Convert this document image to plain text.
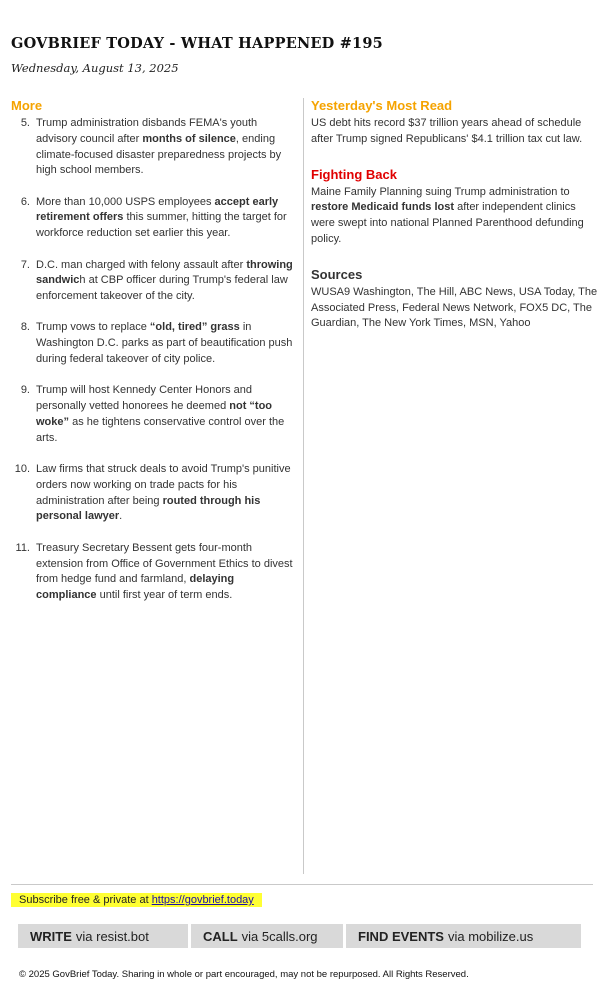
GOVBRIEF TODAY - WHAT HAPPENED #195
Wednesday, August 13, 2025
More
5. Trump administration disbands FEMA's youth advisory council after months of silence, ending climate-focused disaster preparedness projects by high school members.
6. More than 10,000 USPS employees accept early retirement offers this summer, hitting the target for workforce reduction set earlier this year.
7. D.C. man charged with felony assault after throwing sandwich at CBP officer during Trump's federal law enforcement takeover of the city.
8. Trump vows to replace “old, tired” grass in Washington D.C. parks as part of beautification push during federal takeover of city police.
9. Trump will host Kennedy Center Honors and personally vetted honorees he deemed not “too woke” as he tightens conservative control over the arts.
10. Law firms that struck deals to avoid Trump's punitive orders now working on trade pacts for his administration after being routed through his personal lawyer.
11. Treasury Secretary Bessent gets four-month extension from Office of Government Ethics to divest from hedge fund and farmland, delaying compliance until first year of term ends.
Yesterday's Most Read

US debt hits record $37 trillion years ahead of schedule after Trump signed Republicans' $4.1 trillion tax cut law.

Fighting Back

Maine Family Planning suing Trump administration to restore Medicaid funds lost after independent clinics were swept into national Planned Parenthood defunding policy.

Sources

WUSA9 Washington, The Hill, ABC News, USA Today, The Associated Press, Federal News Network, FOX5 DC, The Guardian, The New York Times, MSN, Yahoo

Subscribe free & private at https://govbrief.today
WRITE via resist.bot	CALL via 5calls.org	FIND EVENTS via mobilize.us
© 2025 GovBrief Today. Sharing in whole or part encouraged, may not be repurposed. All Rights Reserved.
